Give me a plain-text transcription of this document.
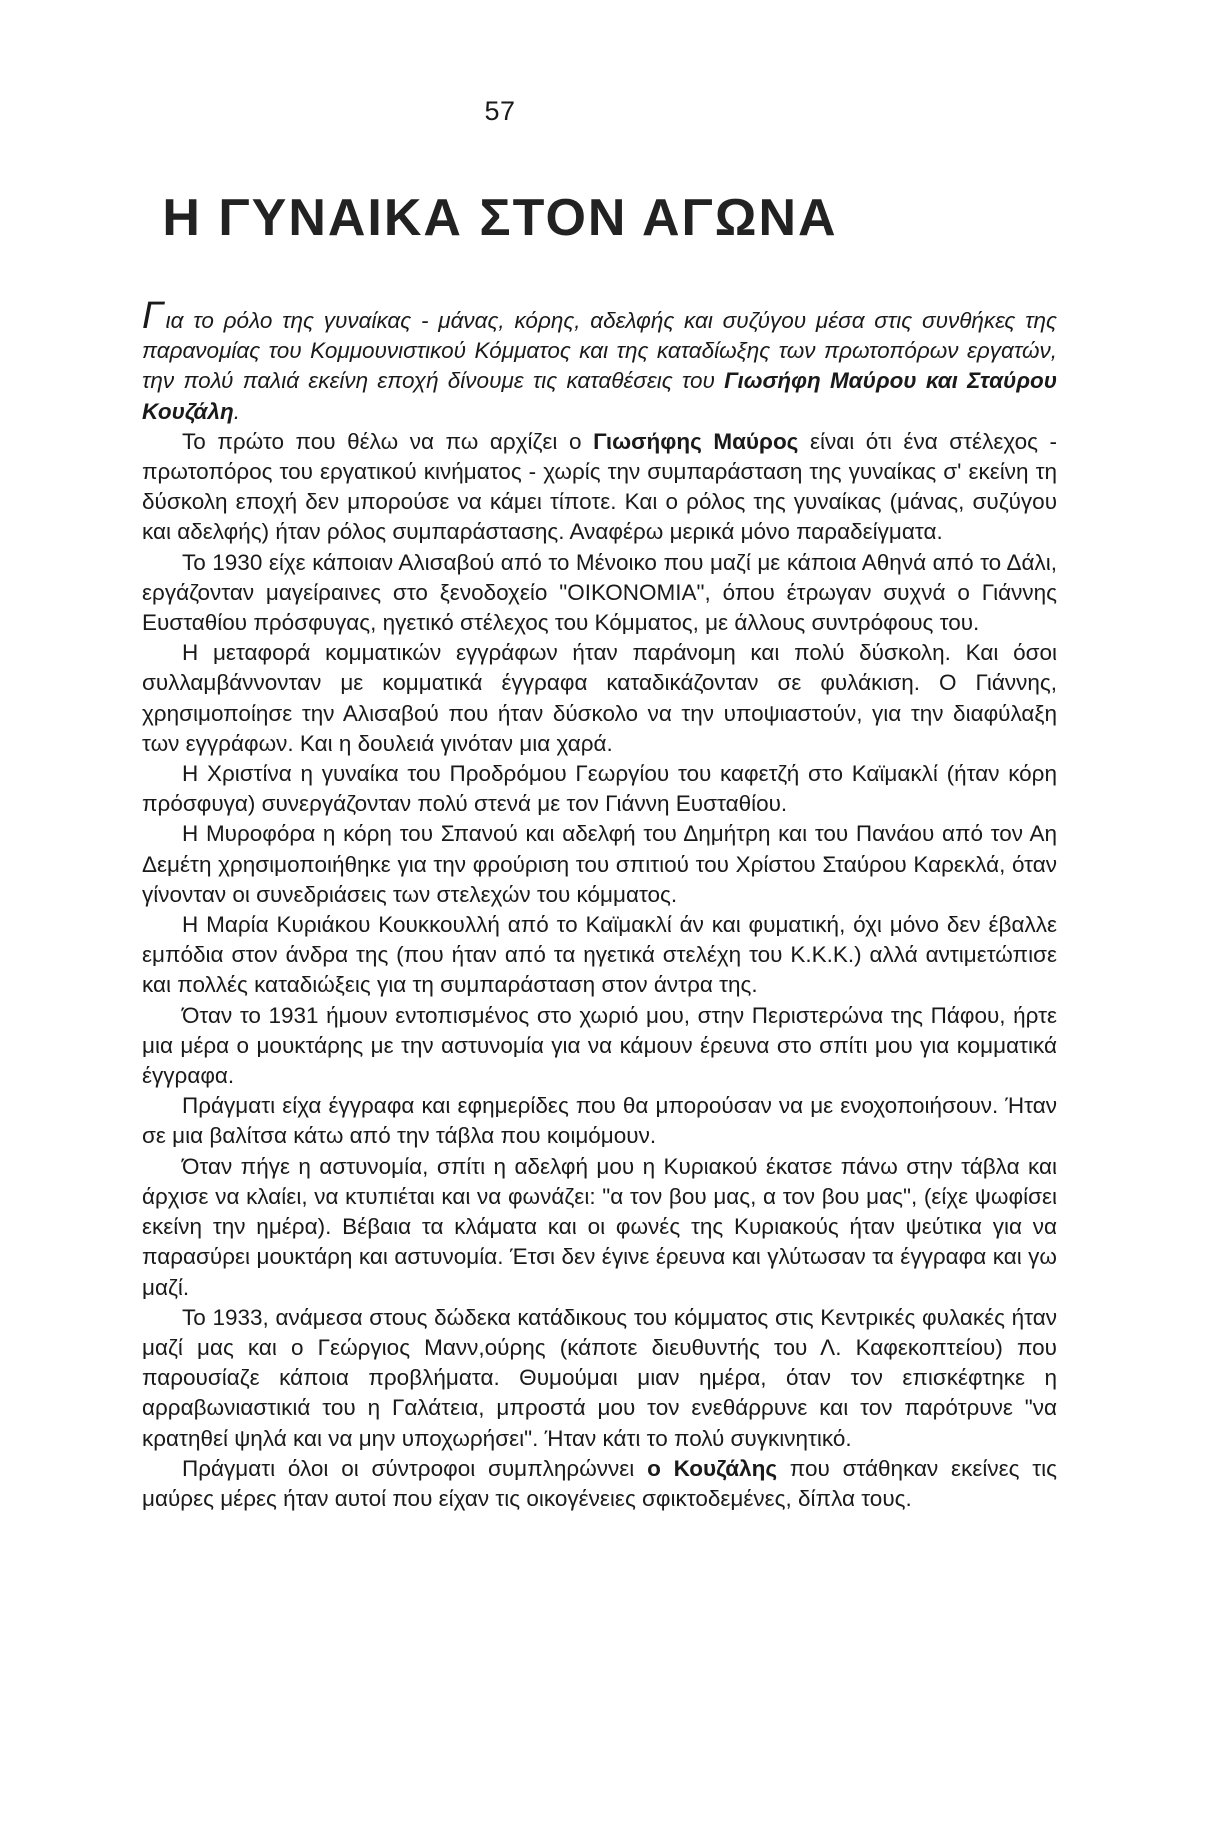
57
Η ΓΥΝΑΙΚΑ ΣΤΟΝ ΑΓΩΝΑ

Για το ρόλο της γυναίκας - μάνας, κόρης, αδελφής και συζύγου μέσα στις συνθήκες της παρανομίας του Κομμουνιστικού Κόμματος και της καταδίωξης των πρωτοπόρων εργατών, την πολύ παλιά εκείνη εποχή δίνουμε τις καταθέσεις του Γιωσήφη Μαύρου και Σταύρου Κουζάλη.

Το πρώτο που θέλω να πω αρχίζει ο Γιωσήφης Μαύρος είναι ότι ένα στέλεχος - πρωτοπόρος του εργατικού κινήματος - χωρίς την συμπαράσταση της γυναίκας σ' εκείνη τη δύσκολη εποχή δεν μπορούσε να κάμει τίποτε. Και ο ρόλος της γυναίκας (μάνας, συζύγου και αδελφής) ήταν ρόλος συμπαράστασης. Αναφέρω μερικά μόνο παραδείγματα.

Το 1930 είχε κάποιαν Αλισαβού από το Μένοικο που μαζί με κάποια Αθηνά από το Δάλι, εργάζονταν μαγείραινες στο ξενοδοχείο "ΟΙΚΟΝΟΜΙΑ", όπου έτρωγαν συχνά ο Γιάννης Ευσταθίου πρόσφυγας, ηγετικό στέλεχος του Κόμματος, με άλλους συντρόφους του.

Η μεταφορά κομματικών εγγράφων ήταν παράνομη και πολύ δύσκολη. Και όσοι συλλαμβάννονταν με κομματικά έγγραφα καταδικάζονταν σε φυλάκιση. Ο Γιάννης, χρησιμοποίησε την Αλισαβού που ήταν δύσκολο να την υποψιαστούν, για την διαφύλαξη των εγγράφων. Και η δουλειά γινόταν μια χαρά.

Η Χριστίνα η γυναίκα του Προδρόμου Γεωργίου του καφετζή στο Καϊμακλί (ήταν κόρη πρόσφυγα) συνεργάζονταν πολύ στενά με τον Γιάννη Ευσταθίου.

Η Μυροφόρα η κόρη του Σπανού και αδελφή του Δημήτρη και του Πανάου από τον Αη Δεμέτη χρησιμοποιήθηκε για την φρούριση του σπιτιού του Χρίστου Σταύρου Καρεκλά, όταν γίνονταν οι συνεδριάσεις των στελεχών του κόμματος.

Η Μαρία Κυριάκου Κουκκουλλή από το Καϊμακλί άν και φυματική, όχι μόνο δεν έβαλλε εμπόδια στον άνδρα της (που ήταν από τα ηγετικά στελέχη του Κ.Κ.Κ.) αλλά αντιμετώπισε και πολλές καταδιώξεις για τη συμπαράσταση στον άντρα της.

Όταν το 1931 ήμουν εντοπισμένος στο χωριό μου, στην Περιστερώνα της Πάφου, ήρτε μια μέρα ο μουκτάρης με την αστυνομία για να κάμουν έρευνα στο σπίτι μου για κομματικά έγγραφα.

Πράγματι είχα έγγραφα και εφημερίδες που θα μπορούσαν να με ενοχοποιήσουν. Ήταν σε μια βαλίτσα κάτω από την τάβλα που κοιμόμουν.

Όταν πήγε η αστυνομία, σπίτι η αδελφή μου η Κυριακού έκατσε πάνω στην τάβλα και άρχισε να κλαίει, να κτυπιέται και να φωνάζει: "α τον βου μας, α τον βου μας", (είχε ψωφίσει εκείνη την ημέρα). Βέβαια τα κλάματα και οι φωνές της Κυριακούς ήταν ψεύτικα για να παρασύρει μουκτάρη και αστυνομία. Έτσι δεν έγινε έρευνα και γλύτωσαν τα έγγραφα και γω μαζί.

Το 1933, ανάμεσα στους δώδεκα κατάδικους του κόμματος στις Κεντρικές φυλακές ήταν μαζί μας και ο Γεώργιος Μανν,ούρης (κάποτε διευθυντής του Λ. Καφεκοπτείου) που παρουσίαζε κάποια προβλήματα. Θυμούμαι μιαν ημέρα, όταν τον επισκέφτηκε η αρραβωνιαστικιά του η Γαλάτεια, μπροστά μου τον ενεθάρρυνε και τον παρότρυνε "να κρατηθεί ψηλά και να μην υποχωρήσει". Ήταν κάτι το πολύ συγκινητικό.

Πράγματι όλοι οι σύντροφοι συμπληρώννει ο Κουζάλης που στάθηκαν εκείνες τις μαύρες μέρες ήταν αυτοί που είχαν τις οικογένειες σφικτοδεμένες, δίπλα τους.
